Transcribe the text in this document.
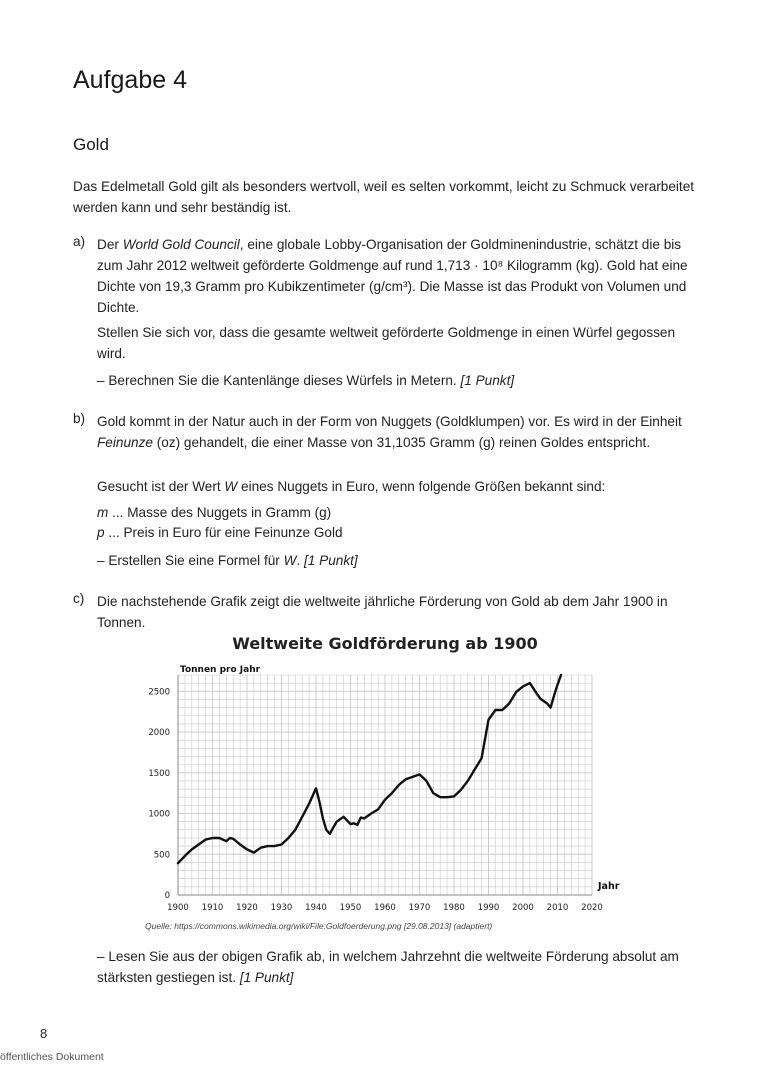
Aufgabe 4
Gold

Das Edelmetall Gold gilt als besonders wertvoll, weil es selten vorkommt, leicht zu Schmuck verarbeitet werden kann und sehr beständig ist.

a) Der World Gold Council, eine globale Lobby-Organisation der Goldminenindustrie, schätzt die bis zum Jahr 2012 weltweit geförderte Goldmenge auf rund 1,713 · 10⁸ Kilogramm (kg). Gold hat eine Dichte von 19,3 Gramm pro Kubikzentimeter (g/cm³). Die Masse ist das Produkt von Volumen und Dichte.

Stellen Sie sich vor, dass die gesamte weltweit geförderte Goldmenge in einen Würfel gegossen wird.

– Berechnen Sie die Kantenlänge dieses Würfels in Metern. [1 Punkt]

b) Gold kommt in der Natur auch in der Form von Nuggets (Goldklumpen) vor. Es wird in der Einheit Feinunze (oz) gehandelt, die einer Masse von 31,1035 Gramm (g) reinen Goldes entspricht.

Gesucht ist der Wert W eines Nuggets in Euro, wenn folgende Größen bekannt sind:

m ... Masse des Nuggets in Gramm (g)

p ... Preis in Euro für eine Feinunze Gold

– Erstellen Sie eine Formel für W. [1 Punkt]

c) Die nachstehende Grafik zeigt die weltweite jährliche Förderung von Gold ab dem Jahr 1900 in Tonnen.

Weltweite Goldförderung ab 1900
0
500
1000
1500
2000
2500
1900 1910 1920 1930 1940 1950 1960 1970 1980 1990 2000 2010 2020
Tonnen pro Jahr
Jahr
Quelle: https://commons.wikimedia.org/wiki/File:Goldfoerderung.png [29.08.2013] (adaptiert)

– Lesen Sie aus der obigen Grafik ab, in welchem Jahrzehnt die weltweite Förderung absolut am stärksten gestiegen ist. [1 Punkt]

8
öffentliches Dokument
